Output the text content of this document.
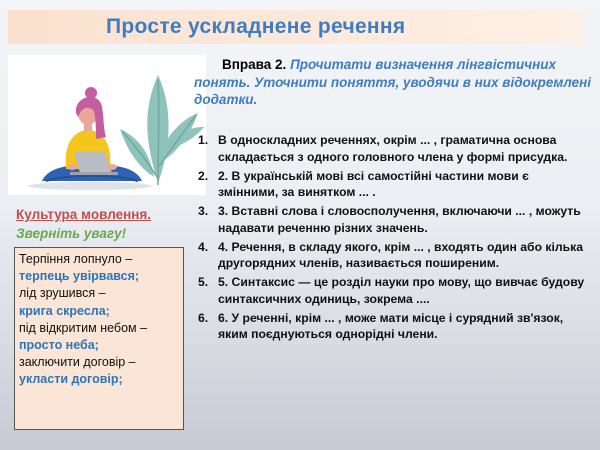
Просте ускладнене речення
Вправа 2. Прочитати визначення лінгвістичних понять. Уточнити поняття, уводячи в них відокремлені додатки.
1. В односкладних реченнях, окрім ... , граматична основа складається з одного головного члена у формі присудка.
2. 2. В українській мові всі самостійні частини мови є змінними, за винятком ... .
3. 3. Вставні слова і словосполучення, включаючи ... , можуть надавати реченню різних значень.
4. 4. Речення, в складу якого, крім ... , входять один або кілька другорядних членів, називається поширеним.
5. 5. Синтаксис — це розділ науки про мову, що вивчає будову синтаксичних одиниць, зокрема ....
6. 6. У реченні, крім ... , може мати місце і сурядний зв'язок, яким поєднуються однорідні члени.
Культура мовлення.
Зверніть увагу!
Терпіння лопнуло –
терпець увірвався;
лід зрушився –
крига скресла;
під відкритим небом –
просто неба;
заключити договір –
укласти договір;
